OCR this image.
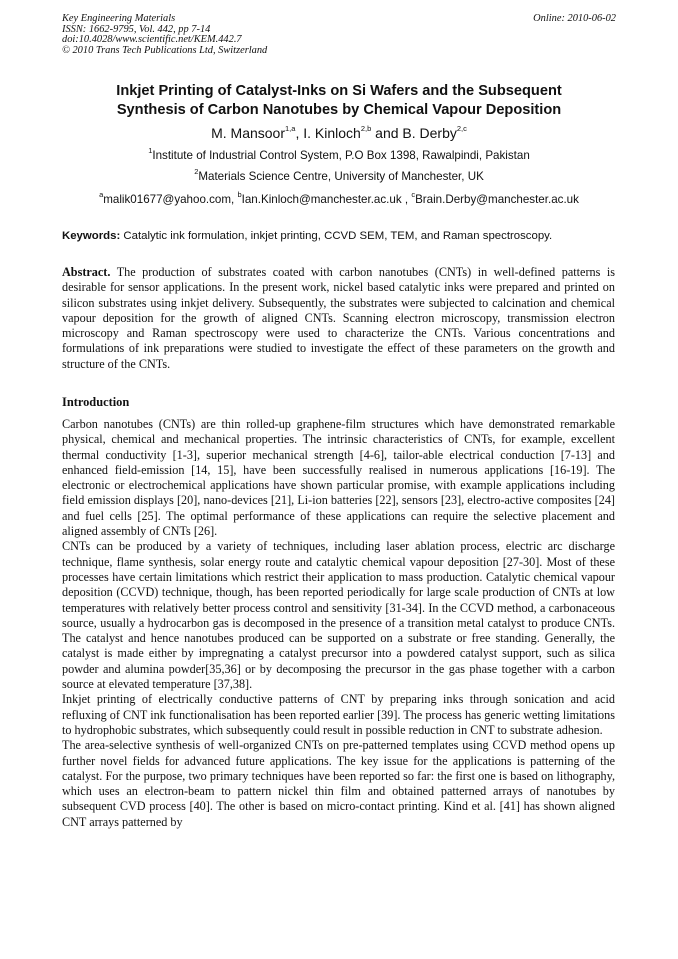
Key Engineering Materials
ISSN: 1662-9795, Vol. 442, pp 7-14
doi:10.4028/www.scientific.net/KEM.442.7
© 2010 Trans Tech Publications Ltd, Switzerland
Online: 2010-06-02
Inkjet Printing of Catalyst-Inks on Si Wafers and the Subsequent
Synthesis of Carbon Nanotubes by Chemical Vapour Deposition
M. Mansoor$^{1,a}$, I. Kinloch$^{2,b}$ and B. Derby$^{2,c}$
$^1$Institute of Industrial Control System, P.O Box 1398, Rawalpindi, Pakistan
$^2$Materials Science Centre, University of Manchester, UK
$^a$malik01677@yahoo.com, $^b$Ian.Kinloch@manchester.ac.uk , $^c$Brain.Derby@manchester.ac.uk
Keywords: Catalytic ink formulation, inkjet printing, CCVD SEM, TEM, and Raman spectroscopy.
Abstract. The production of substrates coated with carbon nanotubes (CNTs) in well-defined patterns is desirable for sensor applications. In the present work, nickel based catalytic inks were prepared and printed on silicon substrates using inkjet delivery. Subsequently, the substrates were subjected to calcination and chemical vapour deposition for the growth of aligned CNTs. Scanning electron microscopy, transmission electron microscopy and Raman spectroscopy were used to characterize the CNTs. Various concentrations and formulations of ink preparations were studied to investigate the effect of these parameters on the growth and structure of the CNTs.
Introduction

Carbon nanotubes (CNTs) are thin rolled-up graphene-film structures which have demonstrated remarkable physical, chemical and mechanical properties. The intrinsic characteristics of CNTs, for example, excellent thermal conductivity [1-3], superior mechanical strength [4-6], tailor-able electrical conduction [7-13] and enhanced field-emission [14, 15], have been successfully realised in numerous applications [16-19]. The electronic or electrochemical applications have shown particular promise, with example applications including field emission displays [20], nano-devices [21], Li-ion batteries [22], sensors [23], electro-active composites [24] and fuel cells [25]. The optimal performance of these applications can require the selective placement and aligned assembly of CNTs [26].

CNTs can be produced by a variety of techniques, including laser ablation process, electric arc discharge technique, flame synthesis, solar energy route and catalytic chemical vapour deposition [27-30]. Most of these processes have certain limitations which restrict their application to mass production. Catalytic chemical vapour deposition (CCVD) technique, though, has been reported periodically for large scale production of CNTs at low temperatures with relatively better process control and sensitivity [31-34]. In the CCVD method, a carbonaceous source, usually a hydrocarbon gas is decomposed in the presence of a transition metal catalyst to produce CNTs. The catalyst and hence nanotubes produced can be supported on a substrate or free standing. Generally, the catalyst is made either by impregnating a catalyst precursor into a powdered catalyst support, such as silica powder and alumina powder[35,36] or by decomposing the precursor in the gas phase together with a carbon source at elevated temperature [37,38].

Inkjet printing of electrically conductive patterns of CNT by preparing inks through sonication and acid refluxing of CNT ink functionalisation has been reported earlier [39]. The process has generic wetting limitations to hydrophobic substrates, which subsequently could result in possible reduction in CNT to substrate adhesion.

The area-selective synthesis of well-organized CNTs on pre-patterned templates using CCVD method opens up further novel fields for advanced future applications. The key issue for the applications is patterning of the catalyst. For the purpose, two primary techniques have been reported so far: the first one is based on lithography, which uses an electron-beam to pattern nickel thin film and obtained patterned arrays of nanotubes by subsequent CVD process [40]. The other is based on micro-contact printing. Kind et al. [41] has shown aligned CNT arrays patterned by
